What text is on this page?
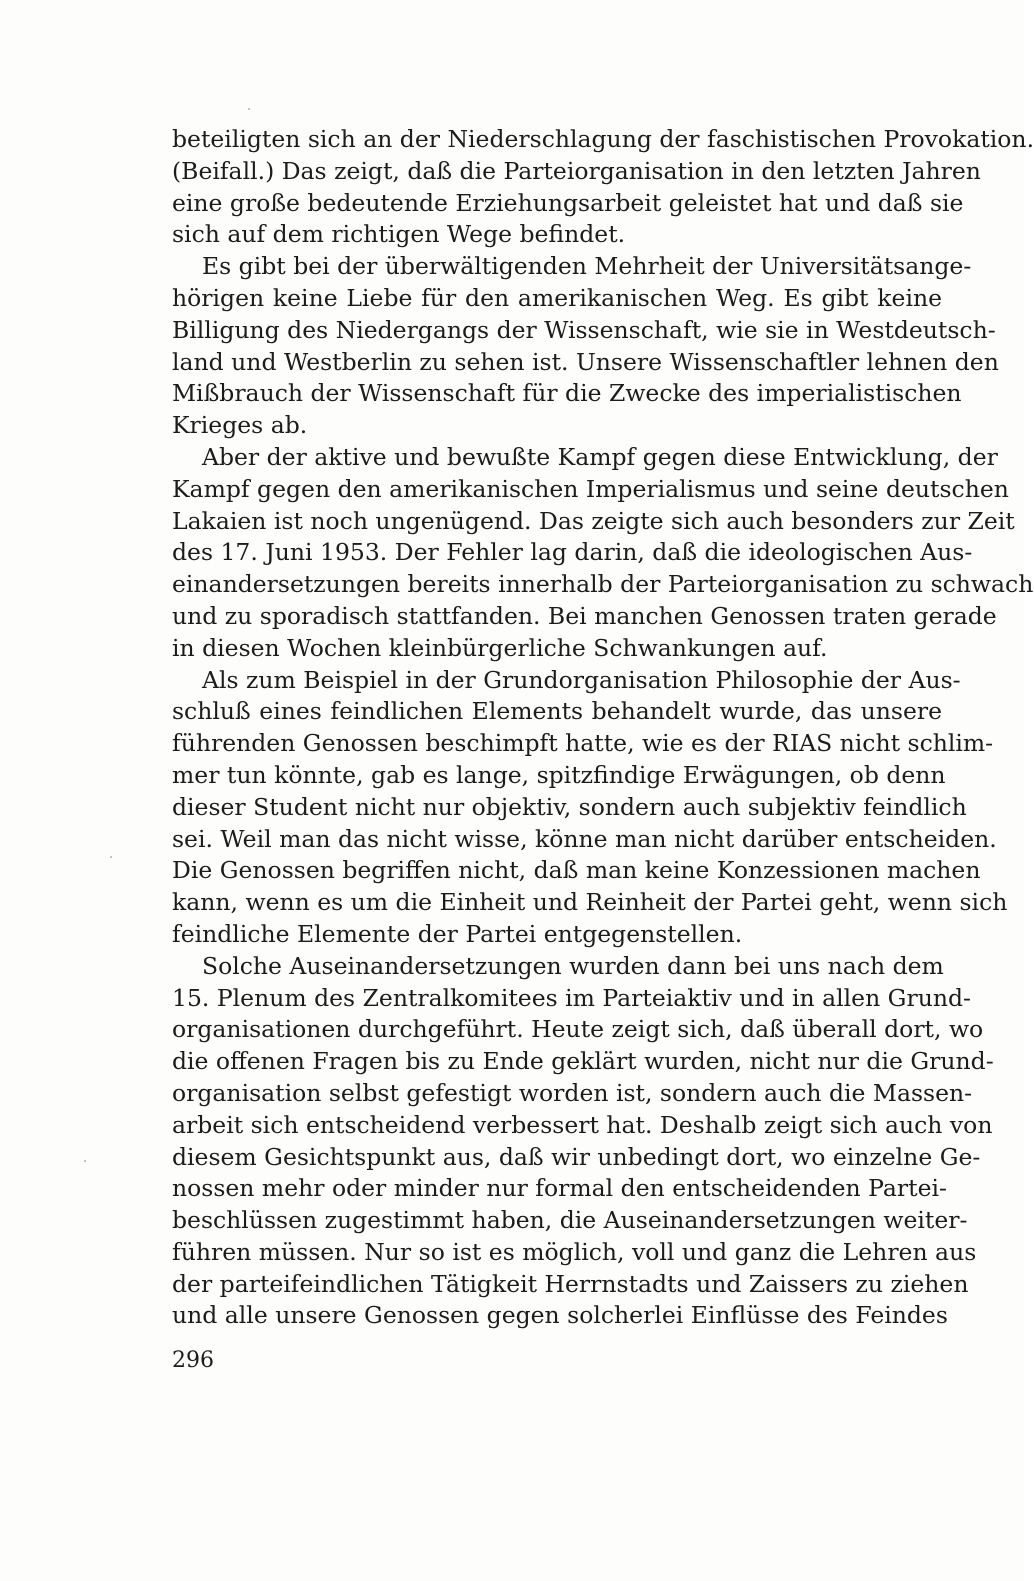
beteiligten sich an der Niederschlagung der faschistischen Provokation.
(Beifall.) Das zeigt, daß die Parteiorganisation in den letzten Jahren
eine große bedeutende Erziehungsarbeit geleistet hat und daß sie
sich auf dem richtigen Wege befindet.
Es gibt bei der überwältigenden Mehrheit der Universitätsange-
hörigen keine Liebe für den amerikanischen Weg. Es gibt keine
Billigung des Niedergangs der Wissenschaft, wie sie in Westdeutsch-
land und Westberlin zu sehen ist. Unsere Wissenschaftler lehnen den
Mißbrauch der Wissenschaft für die Zwecke des imperialistischen
Krieges ab.
Aber der aktive und bewußte Kampf gegen diese Entwicklung, der
Kampf gegen den amerikanischen Imperialismus und seine deutschen
Lakaien ist noch ungenügend. Das zeigte sich auch besonders zur Zeit
des 17. Juni 1953. Der Fehler lag darin, daß die ideologischen Aus-
einandersetzungen bereits innerhalb der Parteiorganisation zu schwach
und zu sporadisch stattfanden. Bei manchen Genossen traten gerade
in diesen Wochen kleinbürgerliche Schwankungen auf.
Als zum Beispiel in der Grundorganisation Philosophie der Aus-
schluß eines feindlichen Elements behandelt wurde, das unsere
führenden Genossen beschimpft hatte, wie es der RIAS nicht schlim-
mer tun könnte, gab es lange, spitzfindige Erwägungen, ob denn
dieser Student nicht nur objektiv, sondern auch subjektiv feindlich
sei. Weil man das nicht wisse, könne man nicht darüber entscheiden.
Die Genossen begriffen nicht, daß man keine Konzessionen machen
kann, wenn es um die Einheit und Reinheit der Partei geht, wenn sich
feindliche Elemente der Partei entgegenstellen.
Solche Auseinandersetzungen wurden dann bei uns nach dem
15. Plenum des Zentralkomitees im Parteiaktiv und in allen Grund-
organisationen durchgeführt. Heute zeigt sich, daß überall dort, wo
die offenen Fragen bis zu Ende geklärt wurden, nicht nur die Grund-
organisation selbst gefestigt worden ist, sondern auch die Massen-
arbeit sich entscheidend verbessert hat. Deshalb zeigt sich auch von
diesem Gesichtspunkt aus, daß wir unbedingt dort, wo einzelne Ge-
nossen mehr oder minder nur formal den entscheidenden Partei-
beschlüssen zugestimmt haben, die Auseinandersetzungen weiter-
führen müssen. Nur so ist es möglich, voll und ganz die Lehren aus
der parteifeindlichen Tätigkeit Herrnstadts und Zaissers zu ziehen
und alle unsere Genossen gegen solcherlei Einflüsse des Feindes
296
